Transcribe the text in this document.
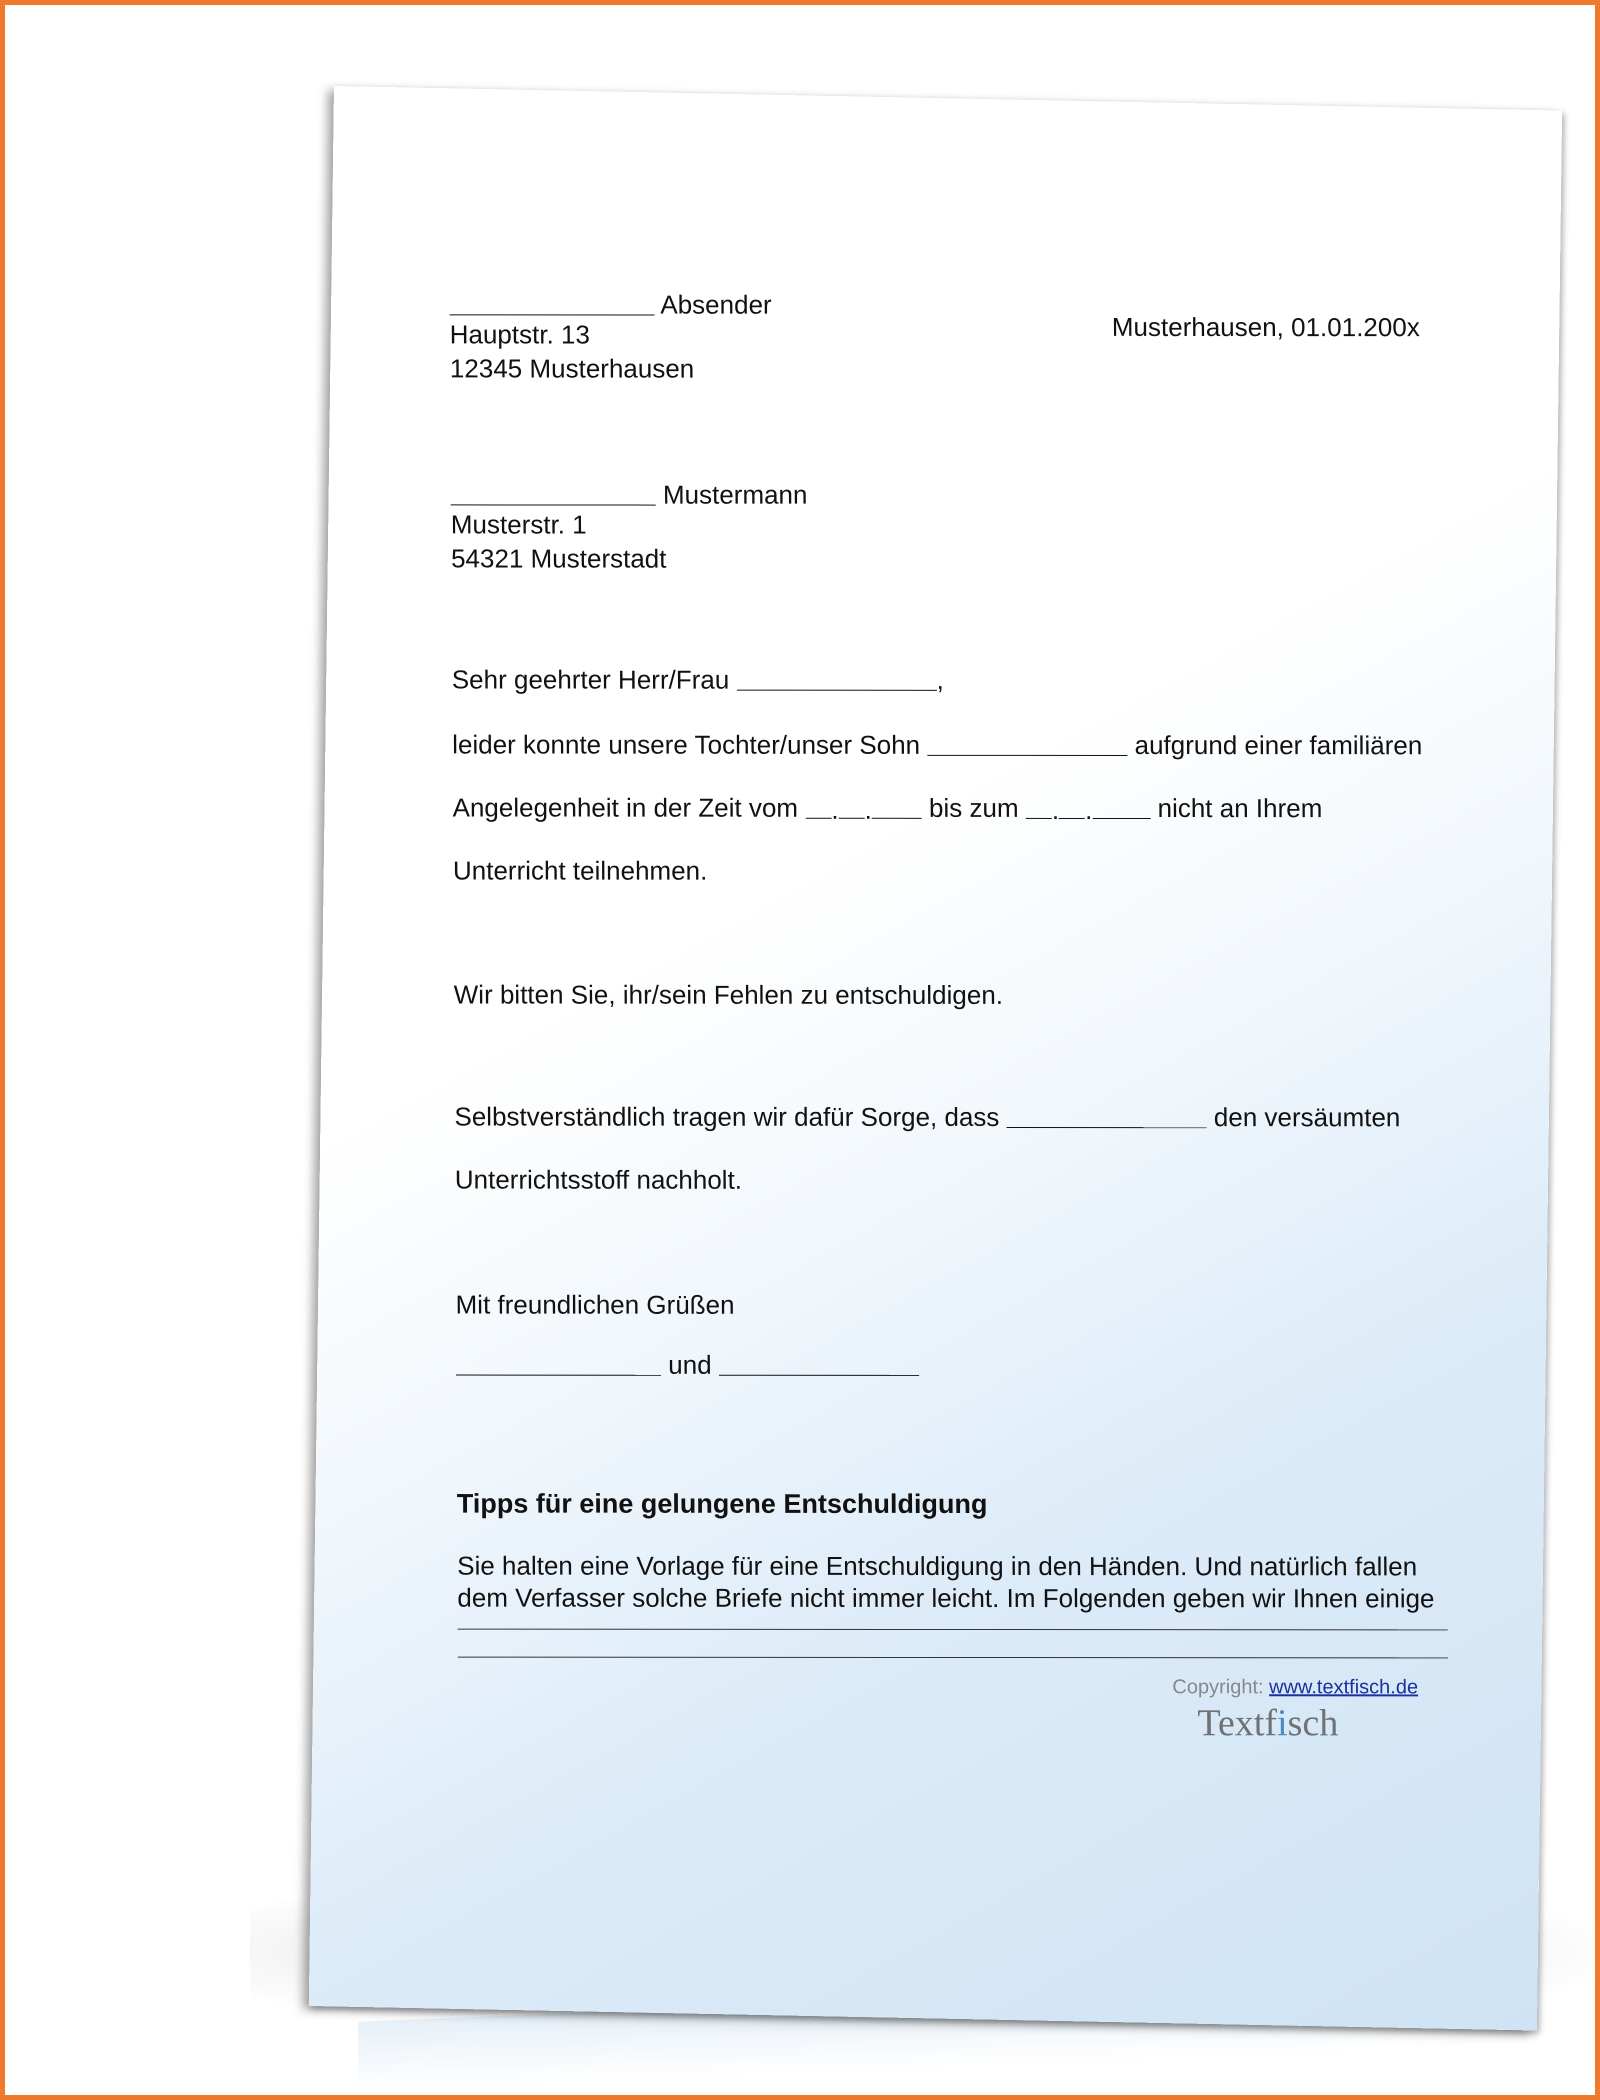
Absender
Hauptstr. 13
12345 Musterhausen
Musterhausen, 01.01.200x
Mustermann
Musterstr. 1
54321 Musterstadt
Sehr geehrter Herr/Frau	,
leider konnte unsere Tochter/unser Sohn	aufgrund einer familiären
Angelegenheit in der Zeit vom . . bis zum . .	nicht an Ihrem
Unterricht teilnehmen.
Wir bitten Sie, ihr/sein Fehlen zu entschuldigen.
Selbstverständlich tragen wir dafür Sorge, dass	den versäumten
Unterrichtsstoff nachholt.
Mit freundlichen Grüßen
und
Tipps für eine gelungene Entschuldigung
Sie halten eine Vorlage für eine Entschuldigung in den Händen. Und natürlich fallen
dem Verfasser solche Briefe nicht immer leicht. Im Folgenden geben wir Ihnen einige
Copyright: www.textfisch.de
Textfisch
